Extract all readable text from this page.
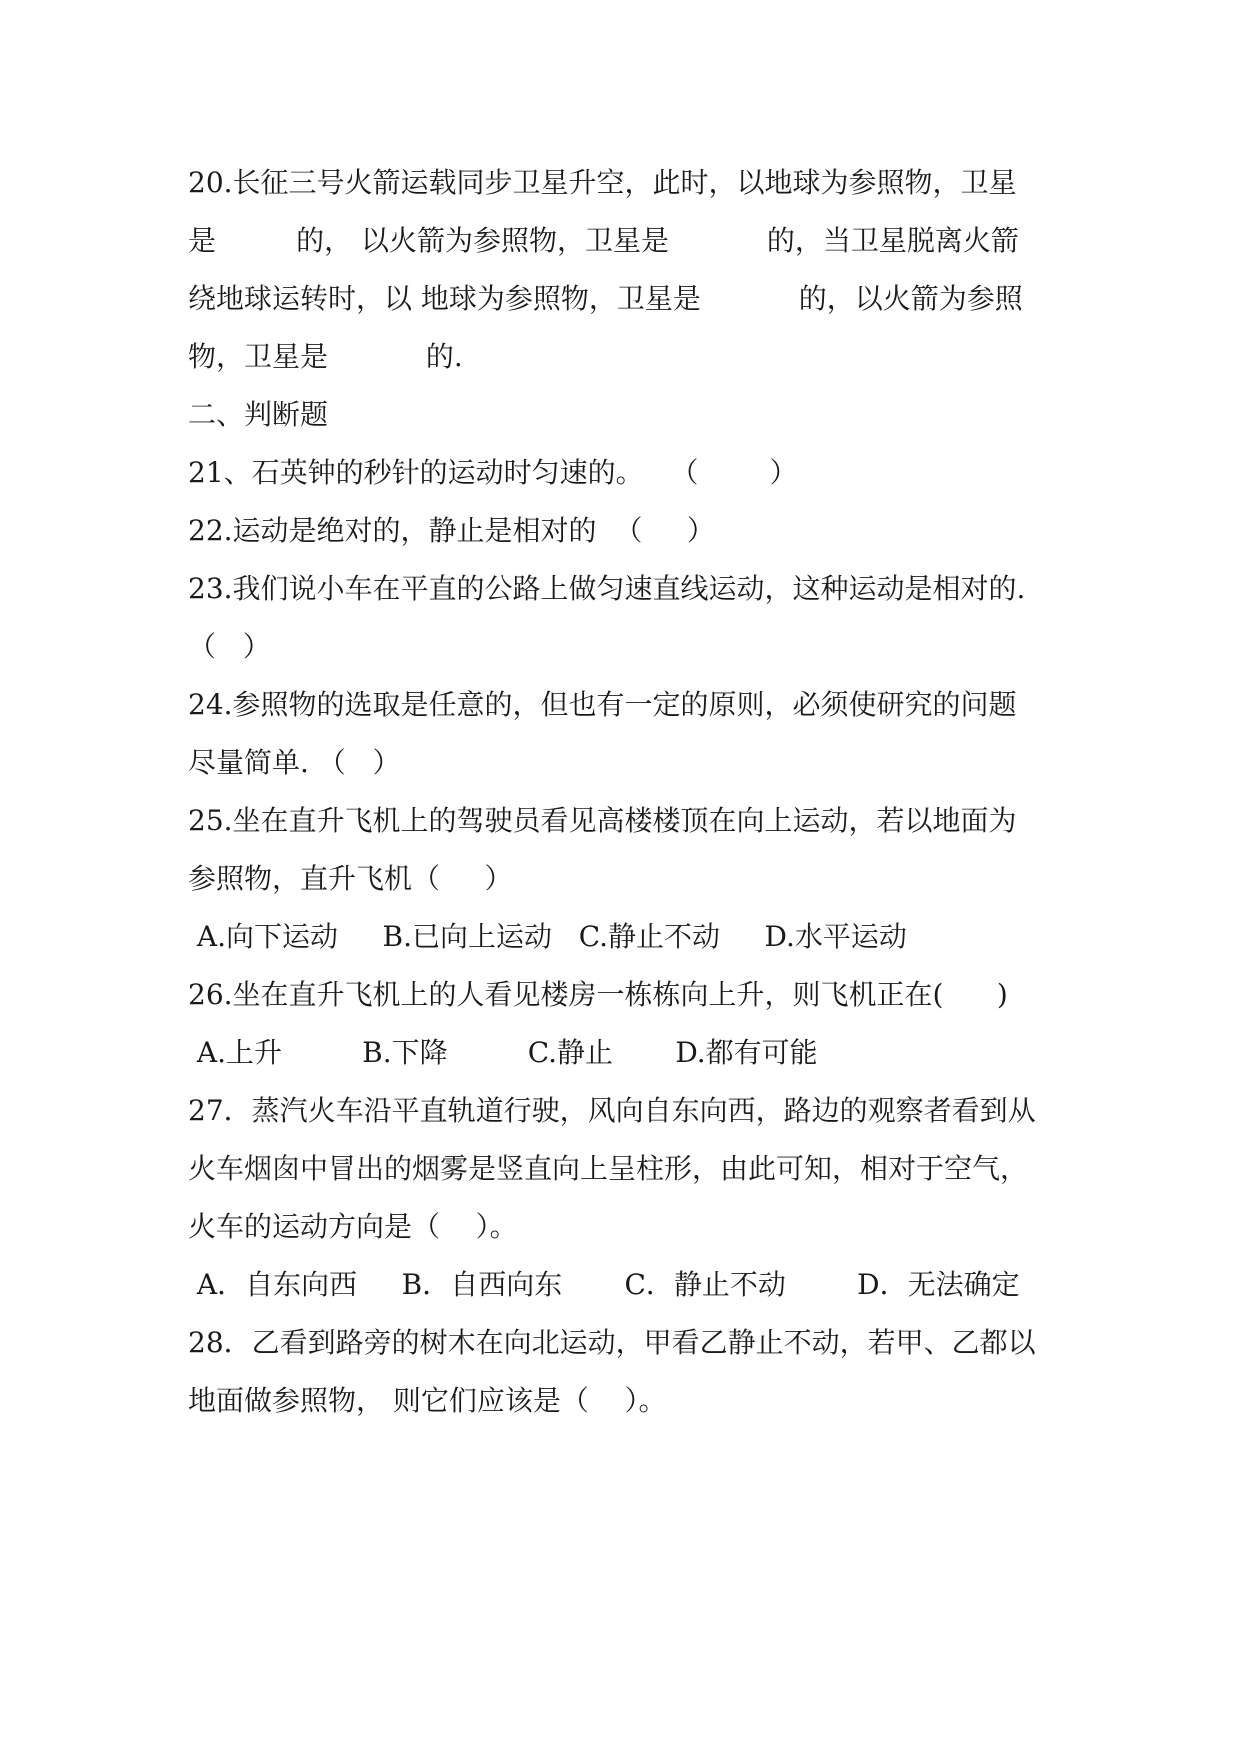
20.长征三号火箭运载同步卫星升空，此时，以地球为参照物，卫星
是         的， 以火箭为参照物，卫星是           的，当卫星脱离火箭
绕地球运转时，以 地球为参照物，卫星是           的，以火箭为参照
物，卫星是           的.
二、判断题
21、石英钟的秒针的运动时匀速的。   （        ）
22.运动是绝对的，静止是相对的  （     ）
23.我们说小车在平直的公路上做匀速直线运动，这种运动是相对的.
（   ）
24.参照物的选取是任意的，但也有一定的原则，必须使研究的问题
尽量简单. （   ）
25.坐在直升飞机上的驾驶员看见高楼楼顶在向上运动，若以地面为
参照物，直升飞机（     ）
A.向下运动     B.已向上运动   C.静止不动     D.水平运动
26.坐在直升飞机上的人看见楼房一栋栋向上升，则飞机正在(      )
A.上升         B.下降         C.静止       D.都有可能
27．蒸汽火车沿平直轨道行驶，风向自东向西，路边的观察者看到从
火车烟囱中冒出的烟雾是竖直向上呈柱形，由此可知，相对于空气，
火车的运动方向是（    ）。
A．自东向西     B．自西向东       C．静止不动        D．无法确定
28．乙看到路旁的树木在向北运动，甲看乙静止不动，若甲、乙都以
地面做参照物， 则它们应该是（    ）。
